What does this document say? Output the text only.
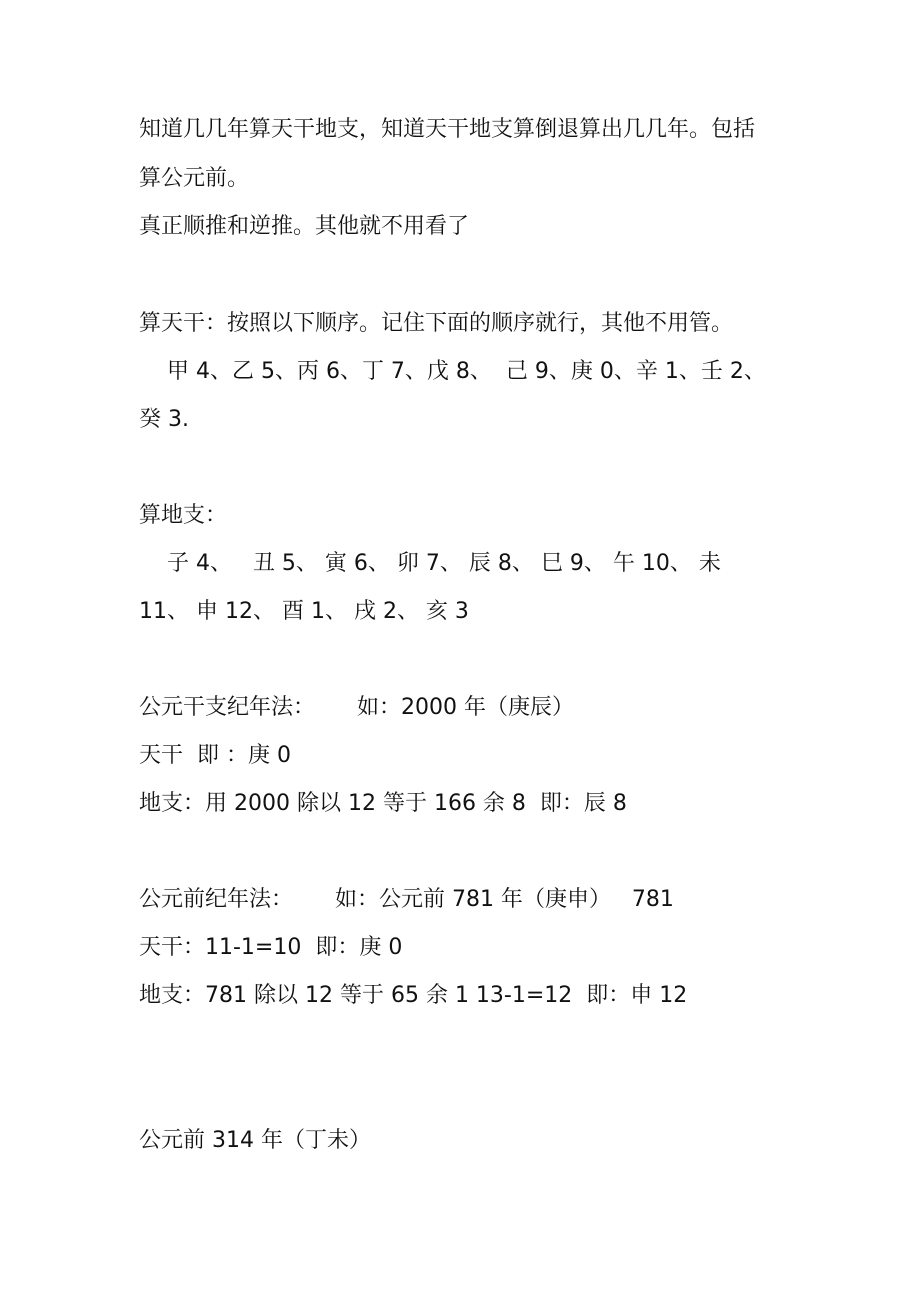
知道几几年算天干地支，知道天干地支算倒退算出几几年。包括
算公元前。
真正顺推和逆推。其他就不用看了
算天干：按照以下顺序。记住下面的顺序就行，其他不用管。
甲 4、乙 5、丙 6、丁 7、戊 8、  己 9、庚 0、辛 1、壬 2、
癸 3.
算地支：
子 4、   丑 5、 寅 6、 卯 7、 辰 8、 巳 9、 午 10、 未
11、 申 12、 酉 1、 戌 2、 亥 3
公元干支纪年法：      如：2000 年（庚辰）
天干  即 ：庚 0
地支：用 2000 除以 12 等于 166 余 8  即：辰 8
公元前纪年法：      如：公元前 781 年（庚申）   781
天干：11-1=10  即：庚 0
地支：781 除以 12 等于 65 余 1 13-1=12  即：申 12
公元前 314 年（丁未）
